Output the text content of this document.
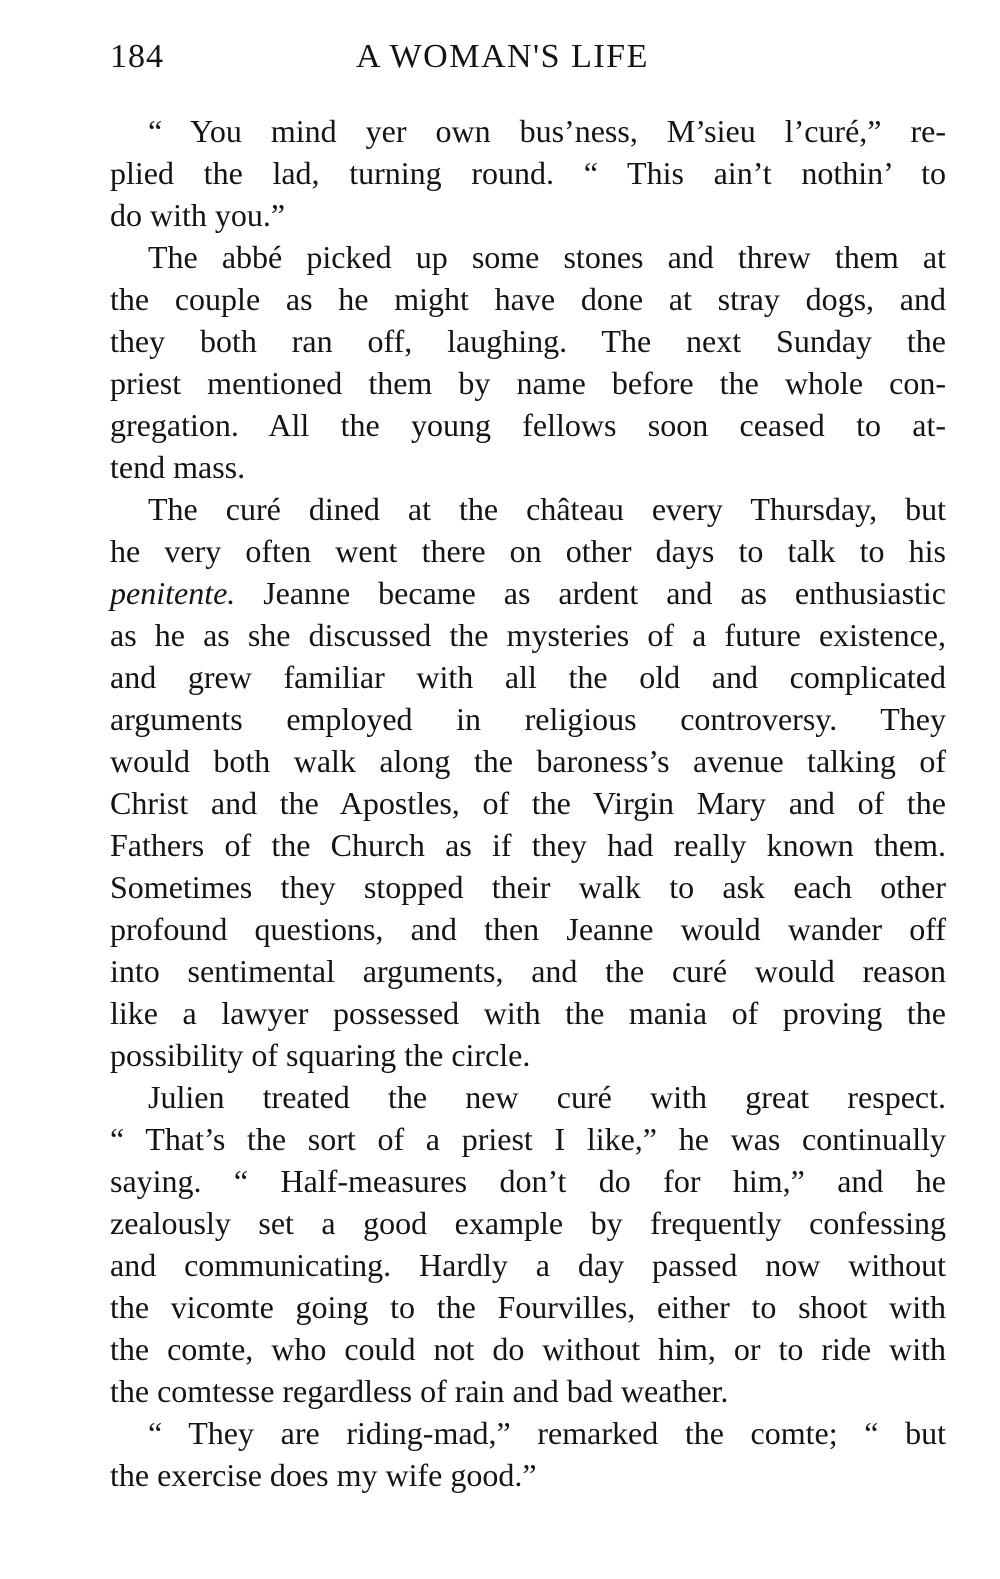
184	A WOMAN'S LIFE
“ You mind yer own bus’ness, M’sieu l’curé,” re-
plied the lad, turning round. “ This ain’t nothin’ to
do with you.”
The abbé picked up some stones and threw them at
the couple as he might have done at stray dogs, and
they both ran off, laughing. The next Sunday the
priest mentioned them by name before the whole con-
gregation. All the young fellows soon ceased to at-
tend mass.
The curé dined at the château every Thursday, but
he very often went there on other days to talk to his
penitente. Jeanne became as ardent and as enthusiastic
as he as she discussed the mysteries of a future existence,
and grew familiar with all the old and complicated
arguments employed in religious controversy. They
would both walk along the baroness’s avenue talking of
Christ and the Apostles, of the Virgin Mary and of the
Fathers of the Church as if they had really known them.
Sometimes they stopped their walk to ask each other
profound questions, and then Jeanne would wander off
into sentimental arguments, and the curé would reason
like a lawyer possessed with the mania of proving the
possibility of squaring the circle.
Julien treated the new curé with great respect.
“ That’s the sort of a priest I like,” he was continually
saying. “ Half-measures don’t do for him,” and he
zealously set a good example by frequently confessing
and communicating. Hardly a day passed now without
the vicomte going to the Fourvilles, either to shoot with
the comte, who could not do without him, or to ride with
the comtesse regardless of rain and bad weather.
“ They are riding-mad,” remarked the comte; “ but
the exercise does my wife good.”
